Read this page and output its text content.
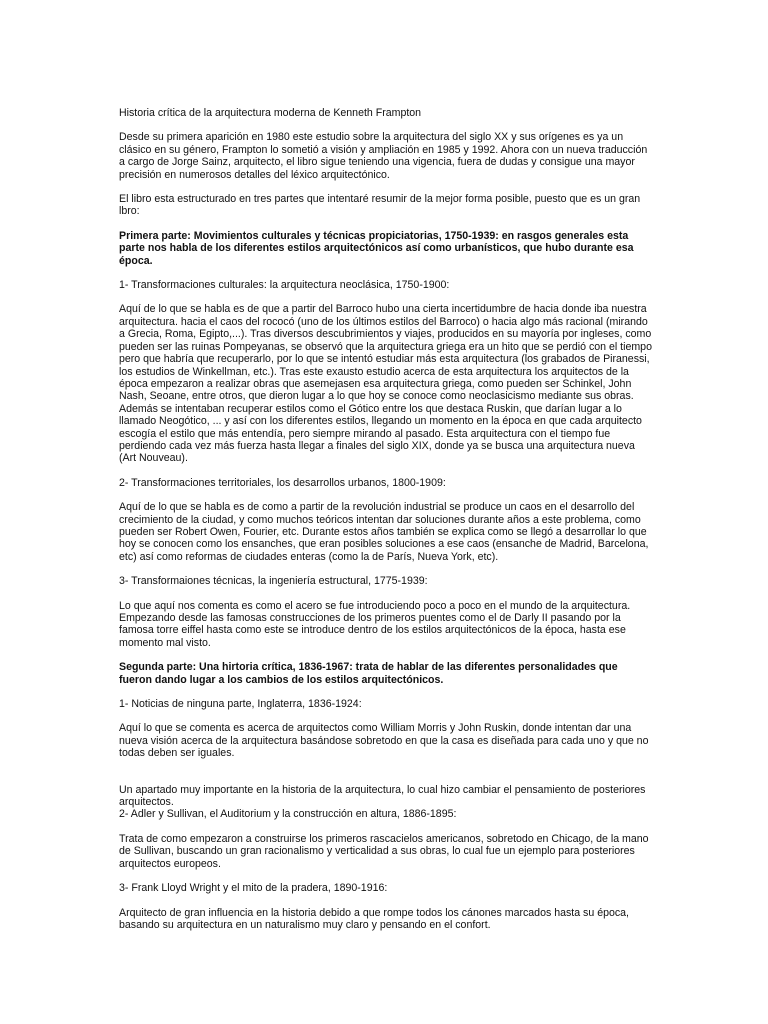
Historia crítica de la arquitectura moderna de Kenneth Frampton

Desde su primera aparición en 1980 este estudio sobre la arquitectura del siglo XX y sus orígenes es ya un clásico en su género, Frampton lo sometió a visión y ampliación en 1985 y 1992. Ahora con un nueva traducción a cargo de Jorge Sainz, arquitecto, el libro sigue teniendo una vigencia, fuera de dudas y consigue una mayor precisión en numerosos detalles del léxico arquitectónico.

El libro esta estructurado en tres partes que intentaré resumir de la mejor forma posible, puesto que es un gran lbro:

Primera parte: Movimientos culturales y técnicas propiciatorias, 1750-1939: en rasgos generales esta parte nos habla de los diferentes estilos arquitectónicos así como urbanísticos, que hubo durante esa época.

1- Transformaciones culturales: la arquitectura neoclásica, 1750-1900:

Aquí de lo que se habla es de que a partir del Barroco hubo una cierta incertidumbre de hacia donde iba nuestra arquitectura. hacia el caos del rococó (uno de los últimos estilos del Barroco) o hacia algo más racional (mirando a Grecia, Roma, Egipto,...). Tras diversos descubrimientos y viajes, producidos en su mayoría por ingleses, como pueden ser las ruinas Pompeyanas, se observó que la arquitectura griega era un hito que se perdió con el tiempo pero que habría que recuperarlo, por lo que se intentó estudiar más esta arquitectura (los grabados de Piranessi, los estudios de Winkellman, etc.). Tras este exausto estudio acerca de esta arquitectura los arquitectos de la época empezaron a realizar obras que asemejasen esa arquitectura griega, como pueden ser Schinkel, John Nash, Seoane, entre otros, que dieron lugar a lo que hoy se conoce como neoclasicismo mediante sus obras. Además se intentaban recuperar estilos como el Gótico entre los que destaca Ruskin, que darían lugar a lo llamado Neogótico, ... y así con los diferentes estilos, llegando un momento en la época en que cada arquitecto escogía el estilo que más entendía, pero siempre mirando al pasado. Esta arquitectura con el tiempo fue perdiendo cada vez más fuerza hasta llegar a finales del siglo XIX, donde ya se busca una arquitectura nueva (Art Nouveau).

2- Transformaciones territoriales, los desarrollos urbanos, 1800-1909:

Aquí de lo que se habla es de como a partir de la revolución industrial se produce un caos en el desarrollo del crecimiento de la ciudad, y como muchos teóricos intentan dar soluciones durante años a este problema, como pueden ser Robert Owen, Fourier, etc. Durante estos años también se explica como se llegó a desarrollar lo que hoy se conocen como los ensanches, que eran posibles soluciones a ese caos (ensanche de Madrid, Barcelona, etc) así como reformas de ciudades enteras (como la de París, Nueva York, etc).

3- Transformaiones técnicas, la ingeniería estructural, 1775-1939:

Lo que aquí nos comenta es como el acero se fue introduciendo poco a poco en el mundo de la arquitectura. Empezando desde las famosas construcciones de los primeros puentes como el de Darly II pasando por la famosa torre eiffel hasta como este se introduce dentro de los estilos arquitectónicos de la época, hasta ese momento mal visto.

Segunda parte: Una hirtoria crítica, 1836-1967: trata de hablar de las diferentes personalidades que fueron dando lugar a los cambios de los estilos arquitectónicos.

1- Noticias de ninguna parte, Inglaterra, 1836-1924:

Aquí lo que se comenta es acerca de arquitectos como William Morris y John Ruskin, donde intentan dar una nueva visión acerca de la arquitectura basándose sobretodo en que la casa es diseñada para cada uno y que no todas deben ser iguales.

Un apartado muy importante en la historia de la arquitectura, lo cual hizo cambiar el pensamiento de posteriores arquitectos.

2- Adler y Sullivan, el Auditorium y la construcción en altura, 1886-1895:

Trata de como empezaron a construirse los primeros rascacielos americanos, sobretodo en Chicago, de la mano de Sullivan, buscando un gran racionalismo y verticalidad a sus obras, lo cual fue un ejemplo para posteriores arquitectos europeos.

3- Frank Lloyd Wright y el mito de la pradera, 1890-1916:

Arquitecto de gran influencia en la historia debido a que rompe todos los cánones marcados hasta su época, basando su arquitectura en un naturalismo muy claro y pensando en el confort.
